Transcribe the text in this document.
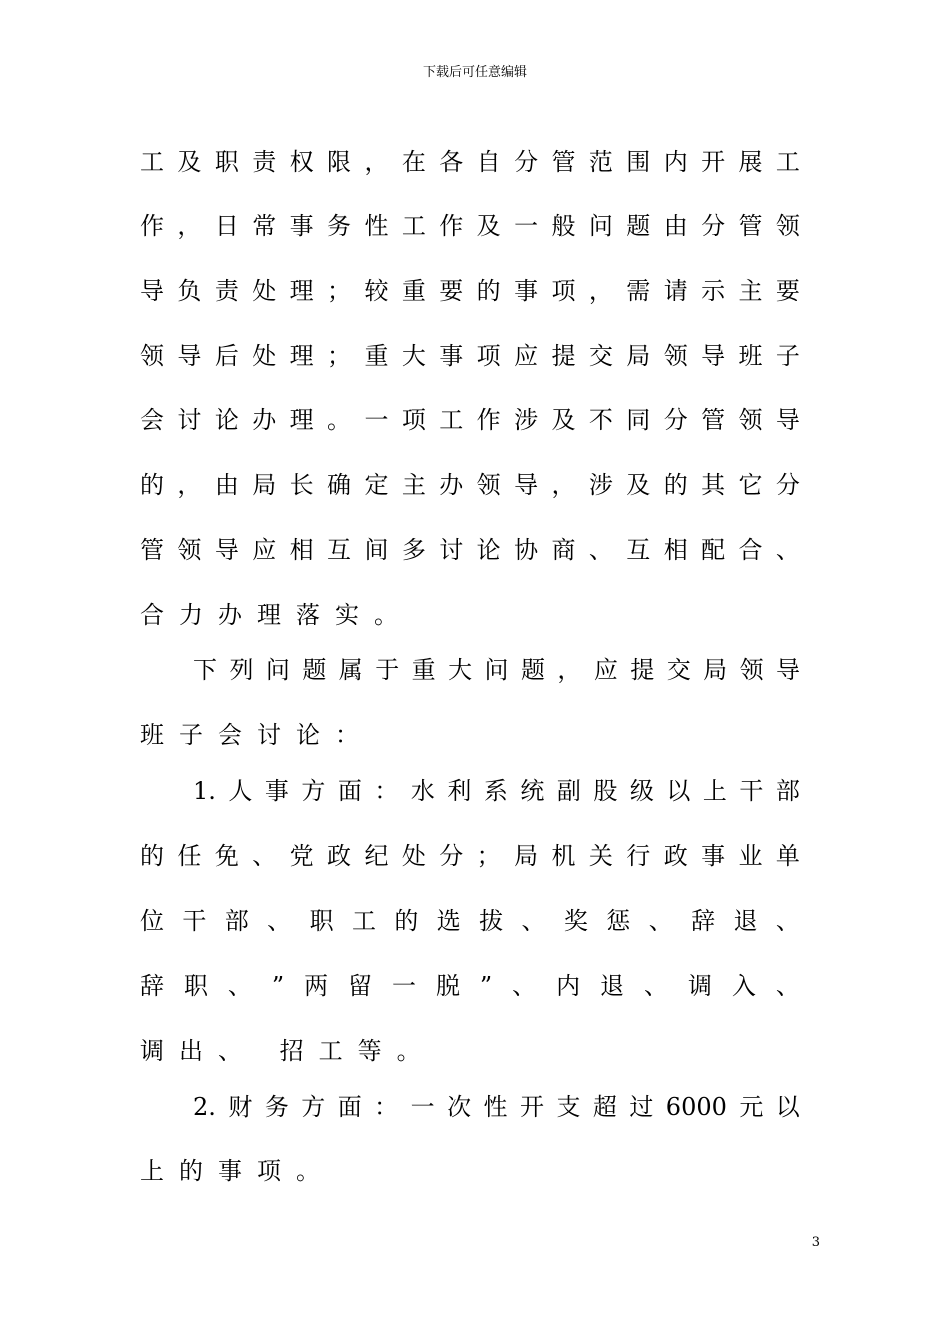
下载后可任意编辑
工 及 职 责 权 限 ， 在 各 自 分 管 范 围 内 开 展 工
作 ， 日 常 事 务 性 工 作 及 一 般 问 题 由 分 管 领
导 负 责 处 理 ； 较 重 要 的 事 项 ， 需 请 示 主 要
领 导 后 处 理 ； 重 大 事 项 应 提 交 局 领 导 班 子
会 讨 论 办 理 。 一 项 工 作 涉 及 不 同 分 管 领 导
的 ， 由 局 长 确 定 主 办 领 导 ， 涉 及 的 其 它 分
管 领 导 应 相 互 间 多 讨 论 协 商 、 互 相 配 合 、
合力办理落实。
下 列 问 题 属 于 重 大 问 题 ， 应 提 交 局 领 导
班子会讨论：
1. 人 事 方 面 ： 水 利 系 统 副 股 级 以 上 干 部
的 任 免 、 党 政 纪 处 分 ； 局 机 关 行 政 事 业 单
位 干 部 、 职 工 的 选 拔 、 奖 惩 、 辞 退 、
辞 职 、 ” 两 留 一 脱 ” 、 内 退 、 调 入 、
调出、 招工等。
2. 财 务 方 面 ： 一 次 性 开 支 超 过 6000 元 以
上的事项。
3
